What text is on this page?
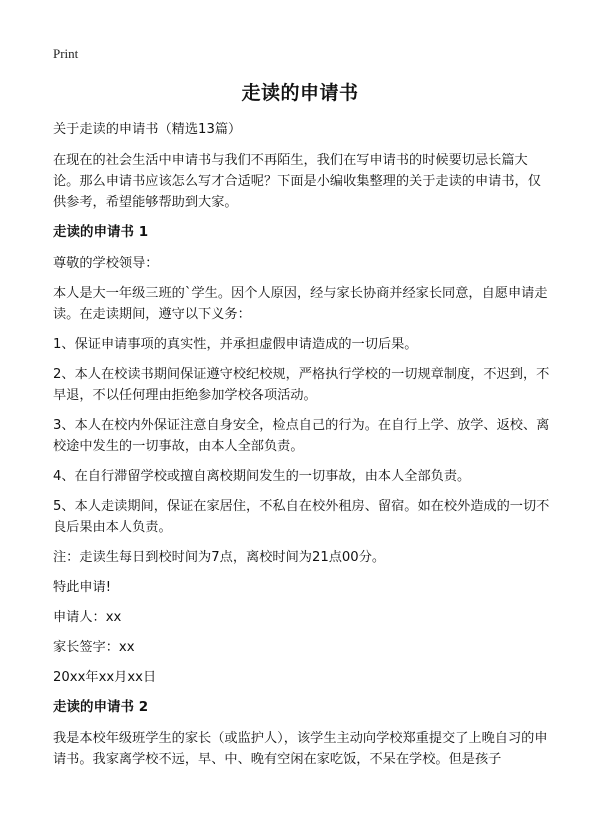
Print
走读的申请书

关于走读的申请书（精选13篇）

在现在的社会生活中申请书与我们不再陌生，我们在写申请书的时候要切忌长篇大论。那么申请书应该怎么写才合适呢？下面是小编收集整理的关于走读的申请书，仅供参考，希望能够帮助到大家。

走读的申请书 1

尊敬的学校领导：

本人是大一年级三班的`学生。因个人原因，经与家长协商并经家长同意，自愿申请走读。在走读期间，遵守以下义务：

1、保证申请事项的真实性，并承担虚假申请造成的一切后果。

2、本人在校读书期间保证遵守校纪校规，严格执行学校的一切规章制度，不迟到，不早退，不以任何理由拒绝参加学校各项活动。

3、本人在校内外保证注意自身安全，检点自己的行为。在自行上学、放学、返校、离校途中发生的一切事故，由本人全部负责。

4、在自行滞留学校或擅自离校期间发生的一切事故，由本人全部负责。

5、本人走读期间，保证在家居住，不私自在校外租房、留宿。如在校外造成的一切不良后果由本人负责。

注：走读生每日到校时间为7点，离校时间为21点00分。

特此申请!

申请人：xx

家长签字：xx

20xx年xx月xx日

走读的申请书 2

我是本校年级班学生的家长（或监护人），该学生主动向学校郑重提交了上晚自习的申请书。我家离学校不远，早、中、晚有空闲在家吃饭，不呆在学校。但是孩子
